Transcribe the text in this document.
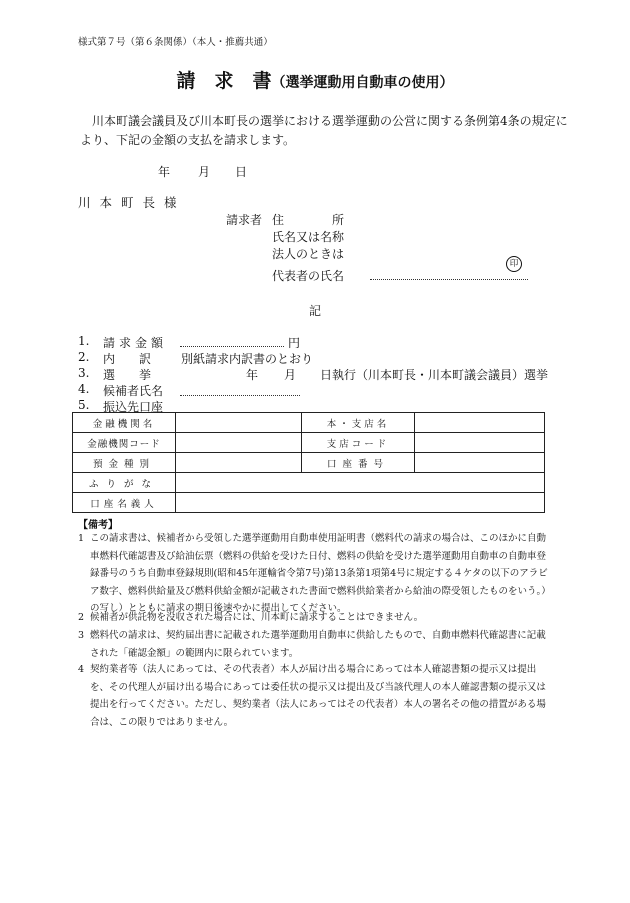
様式第７号（第６条関係）（本人・推薦共通）
請　求　書（選挙運動用自動車の使用）
川本町議会議員及び川本町長の選挙における選挙運動の公営に関する条例第4条の規定により、下記の金額の支払を請求します。
年 月 日
川本町長様
請求者 住	所
氏名又は名称
法人のときは
代表者の氏名
印
記
1. 請求金額	円
2. 内　　訳 別紙請求内訳書のとおり
3. 選　　挙	年 月 日執行（川本町長・川本町議会議員）選挙
4. 候補者氏名
5. 振込先口座
金融機関名		本・支店名	
金融機関コード		支店コード	
預金種別		口座番号	
ふりがな			
口座名義人			
【備考】
1 この請求書は、候補者から受領した選挙運動用自動車使用証明書（燃料代の請求の場合は、このほかに自動車燃料代確認書及び給油伝票（燃料の供給を受けた日付、燃料の供給を受けた選挙運動用自動車の自動車登録番号のうち自動車登録規則(昭和45年運輸省令第7号)第13条第1項第4号に規定する４ケタの以下のアラビア数字、燃料供給量及び燃料供給金額が記載された書面で燃料供給業者から給油の際受領したものをいう。）の写し）とともに請求の期日後速やかに提出してください。
2 候補者が供託物を没収された場合には、川本町に請求することはできません。
3 燃料代の請求は、契約届出書に記載された選挙運動用自動車に供給したもので、自動車燃料代確認書に記載された「確認金額」の範囲内に限られています。
4 契約業者等（法人にあっては、その代表者）本人が届け出る場合にあっては本人確認書類の提示又は提出を、その代理人が届け出る場合にあっては委任状の提示又は提出及び当該代理人の本人確認書類の提示又は提出を行ってください。ただし、契約業者（法人にあってはその代表者）本人の署名その他の措置がある場合は、この限りではありません。
